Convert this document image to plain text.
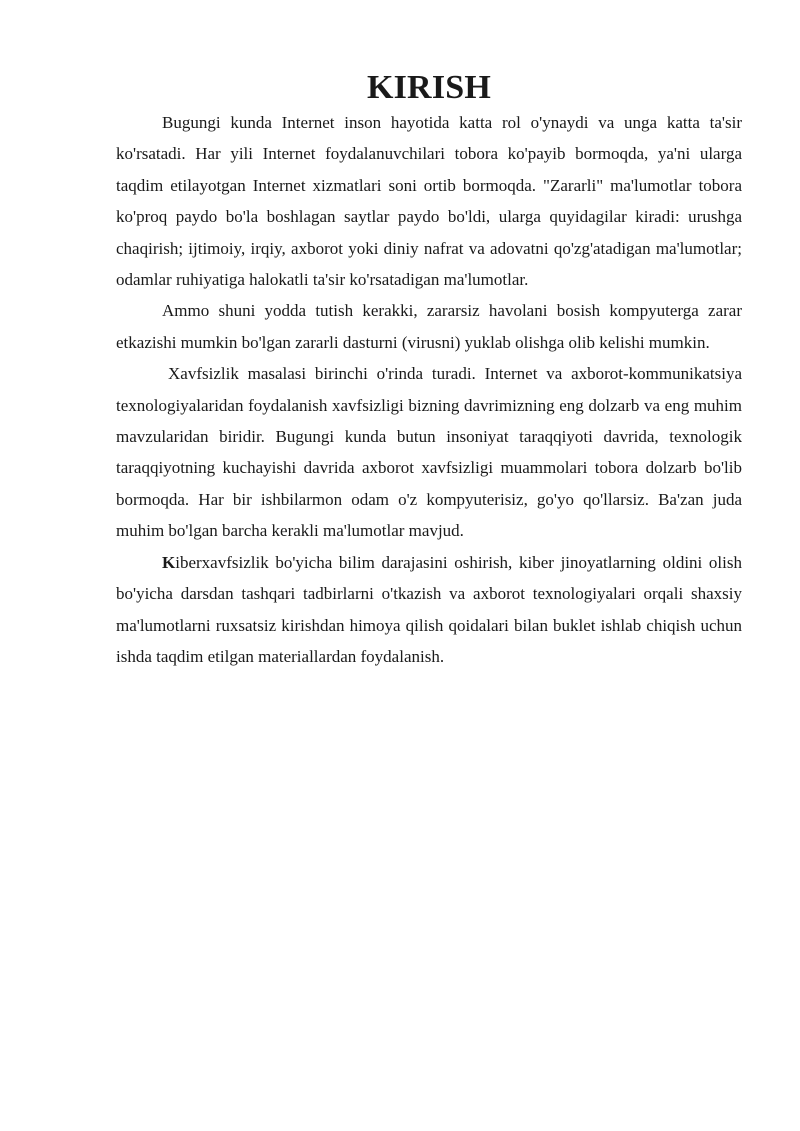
KIRISH

Bugungi kunda Internet inson hayotida katta rol o'ynaydi va unga katta ta'sir ko'rsatadi. Har yili Internet foydalanuvchilari tobora ko'payib bormoqda, ya'ni ularga taqdim etilayotgan Internet xizmatlari soni ortib bormoqda. "Zararli" ma'lumotlar tobora ko'proq paydo bo'la boshlagan saytlar paydo bo'ldi, ularga quyidagilar kiradi: urushga chaqirish; ijtimoiy, irqiy, axborot yoki diniy nafrat va adovatni qo'zg'atadigan ma'lumotlar; odamlar ruhiyatiga halokatli ta'sir ko'rsatadigan ma'lumotlar.

Ammo shuni yodda tutish kerakki, zararsiz havolani bosish kompyuterga zarar etkazishi mumkin bo'lgan zararli dasturni (virusni) yuklab olishga olib kelishi mumkin.

Xavfsizlik masalasi birinchi o'rinda turadi. Internet va axborot-kommunikatsiya texnologiyalaridan foydalanish xavfsizligi bizning davrimizning eng dolzarb va eng muhim mavzularidan biridir. Bugungi kunda butun insoniyat taraqqiyoti davrida, texnologik taraqqiyotning kuchayishi davrida axborot xavfsizligi muammolari tobora dolzarb bo'lib bormoqda. Har bir ishbilarmon odam o'z kompyuterisiz, go'yo qo'llarsiz. Ba'zan juda muhim bo'lgan barcha kerakli ma'lumotlar mavjud.

Kiberxavfsizlik bo'yicha bilim darajasini oshirish, kiber jinoyatlarning oldini olish bo'yicha darsdan tashqari tadbirlarni o'tkazish va axborot texnologiyalari orqali shaxsiy ma'lumotlarni ruxsatsiz kirishdan himoya qilish qoidalari bilan buklet ishlab chiqish uchun ishda taqdim etilgan materiallardan foydalanish.
